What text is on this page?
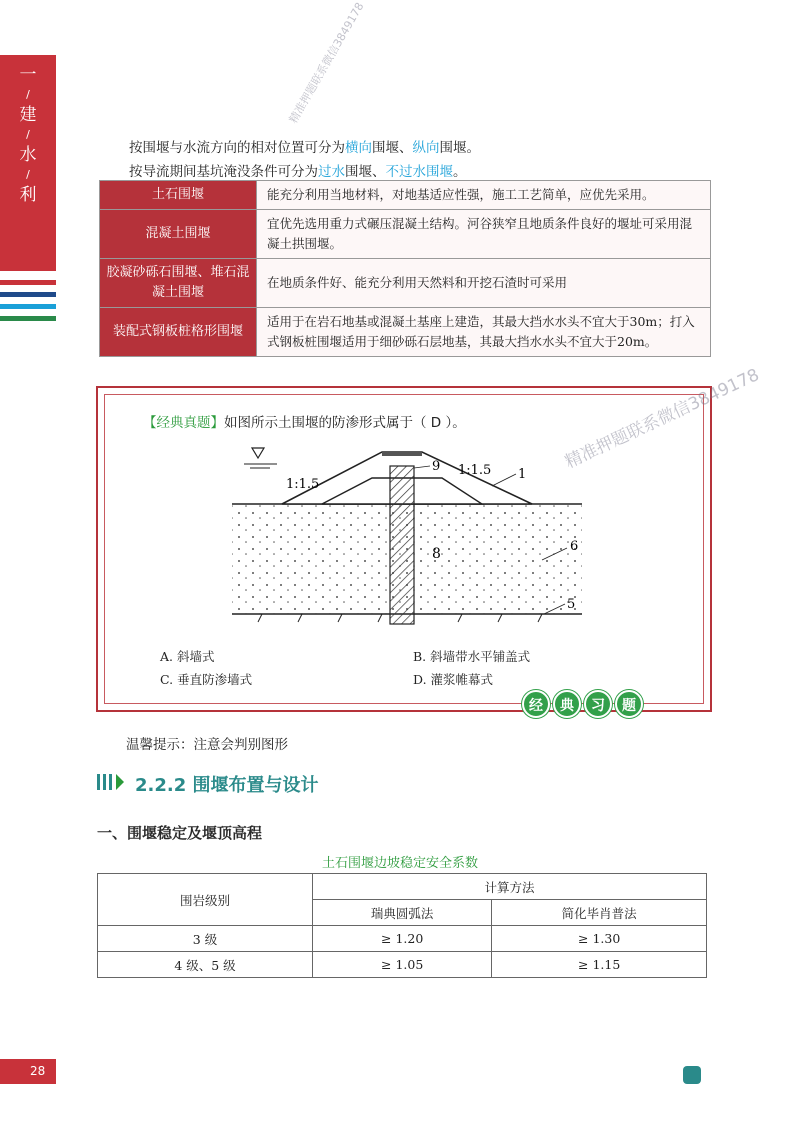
一
/
建
/
水
/
利
按围堰与水流方向的相对位置可分为横向围堰、纵向围堰。
按导流期间基坑淹没条件可分为过水围堰、不过水围堰。
土石围堰	能充分利用当地材料，对地基适应性强，施工工艺简单，应优先采用。
混凝土围堰	宜优先选用重力式碾压混凝土结构。河谷狭窄且地质条件良好的堰址可采用混凝土拱围堰。
胶凝砂砾石围堰、堆石混凝土围堰	在地质条件好、能充分利用天然料和开挖石渣时可采用
装配式钢板桩格形围堰	适用于在岩石地基或混凝土基座上建造，其最大挡水水头不宜大于30m；打入式钢板桩围堰适用于细砂砾石层地基，其最大挡水水头不宜大于20m。
【经典真题】如图所示土围堰的防渗形式属于（ D ）。
1:1.5
1:1.5 1
9
8	6
5
A. 斜墙式	B. 斜墙带水平铺盖式
C. 垂直防渗墙式	D. 灌浆帷幕式
经	典	习	题
温馨提示：注意会判别图形
2.2.2 围堰布置与设计
一、围堰稳定及堰顶高程
土石围堰边坡稳定安全系数
围岩级别	计算方法	
	瑞典圆弧法	简化毕肖普法
3 级	≥ 1.20	≥ 1.30
4 级、5 级	≥ 1.05	≥ 1.15
28
精准押题联系微信3849178
精准押题联系微信3849178
